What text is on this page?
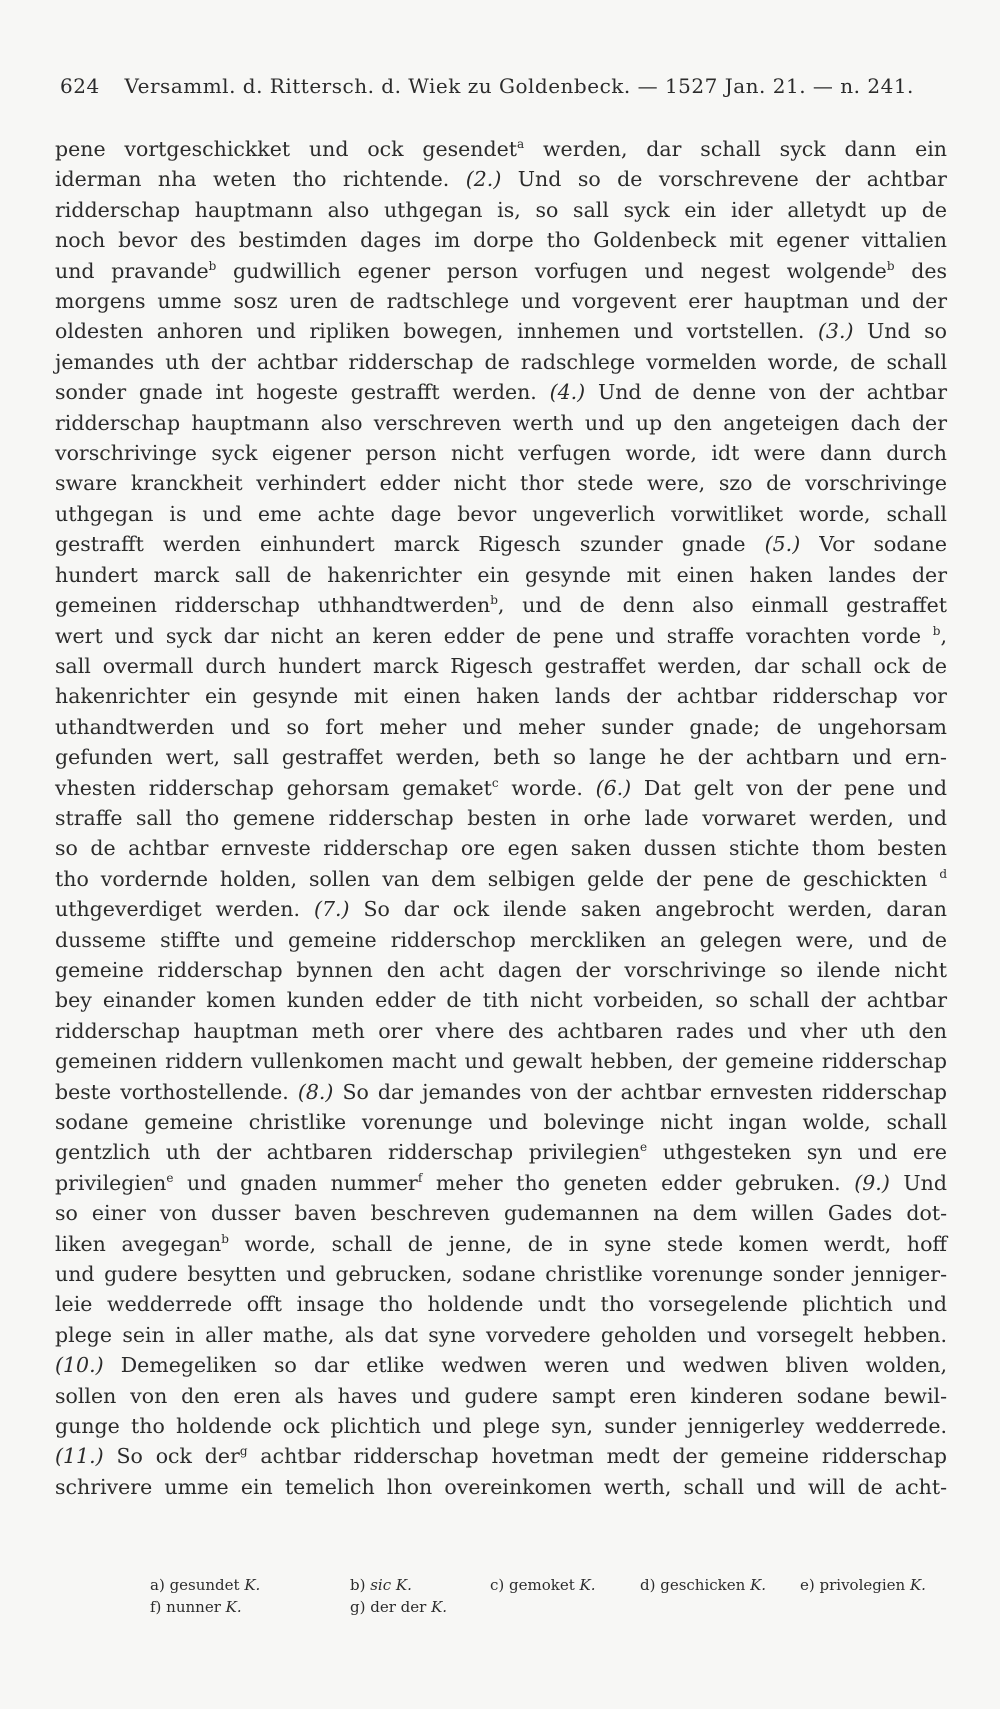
624 Versamml. d. Rittersch. d. Wiek zu Goldenbeck. — 1527 Jan. 21. — n. 241.
pene vortgeschickket und ock gesendet$^a$ werden, dar schall syck dann ein
iderman nha weten tho richtende. (2.) Und so de vorschrevene der achtbar
ridderschap hauptmann also uthgegan is, so sall syck ein ider alletydt up de
noch bevor des bestimden dages im dorpe tho Goldenbeck mit egener vittalien
und pravande$^b$ gudwillich egener person vorfugen und negest wolgende$^b$ des
morgens umme sosz uren de radtschlege und vorgevent erer hauptman und der
oldesten anhoren und ripliken bowegen, innhemen und vortstellen. (3.) Und so
jemandes uth der achtbar ridderschap de radschlege vormelden worde, de schall
sonder gnade int hogeste gestrafft werden. (4.) Und de denne von der achtbar
ridderschap hauptmann also verschreven werth und up den angeteigen dach der
vorschrivinge syck eigener person nicht verfugen worde, idt were dann durch
sware kranckheit verhindert edder nicht thor stede were, szo de vorschrivinge
uthgegan is und eme achte dage bevor ungeverlich vorwitliket worde, schall
gestrafft werden einhundert marck Rigesch szunder gnade (5.) Vor sodane
hundert marck sall de hakenrichter ein gesynde mit einen haken landes der
gemeinen ridderschap uthhandtwerden$^b$, und de denn also einmall gestraffet
wert und syck dar nicht an keren edder de pene und straffe vorachten vorde $^b$,
sall overmall durch hundert marck Rigesch gestraffet werden, dar schall ock de
hakenrichter ein gesynde mit einen haken lands der achtbar ridderschap vor
uthandtwerden und so fort meher und meher sunder gnade; de ungehorsam
gefunden wert, sall gestraffet werden, beth so lange he der achtbarn und ern-
vhesten ridderschap gehorsam gemaket$^c$ worde. (6.) Dat gelt von der pene und
straffe sall tho gemene ridderschap besten in orhe lade vorwaret werden, und
so de achtbar ernveste ridderschap ore egen saken dussen stichte thom besten
tho vordernde holden, sollen van dem selbigen gelde der pene de geschickten $^d$
uthgeverdiget werden. (7.) So dar ock ilende saken angebrocht werden, daran
dusseme stiffte und gemeine ridderschop merckliken an gelegen were, und de
gemeine ridderschap bynnen den acht dagen der vorschrivinge so ilende nicht
bey einander komen kunden edder de tith nicht vorbeiden, so schall der achtbar
ridderschap hauptman meth orer vhere des achtbaren rades und vher uth den
gemeinen riddern vullenkomen macht und gewalt hebben, der gemeine ridderschap
beste vorthostellende. (8.) So dar jemandes von der achtbar ernvesten ridderschap
sodane gemeine christlike vorenunge und bolevinge nicht ingan wolde, schall
gentzlich uth der achtbaren ridderschap privilegien$^e$ uthgesteken syn und ere
privilegien$^e$ und gnaden nummer$^f$ meher tho geneten edder gebruken. (9.) Und
so einer von dusser baven beschreven gudemannen na dem willen Gades dot-
liken avegegan$^b$ worde, schall de jenne, de in syne stede komen werdt, hoff
und gudere besytten und gebrucken, sodane christlike vorenunge sonder jenniger-
leie wedderrede offt insage tho holdende undt tho vorsegelende plichtich und
plege sein in aller mathe, als dat syne vorvedere geholden und vorsegelt hebben.
(10.) Demegeliken so dar etlike wedwen weren und wedwen bliven wolden,
sollen von den eren als haves und gudere sampt eren kinderen sodane bewil-
gunge tho holdende ock plichtich und plege syn, sunder jennigerley wedderrede.
(11.) So ock der$^g$ achtbar ridderschap hovetman medt der gemeine ridderschap
schrivere umme ein temelich lhon overeinkomen werth, schall und will de acht-
a) gesundet K.	b) sic K.	c) gemoket K.	d) geschicken K.	e) privolegien K.
f) nunner K.	g) der der K.
